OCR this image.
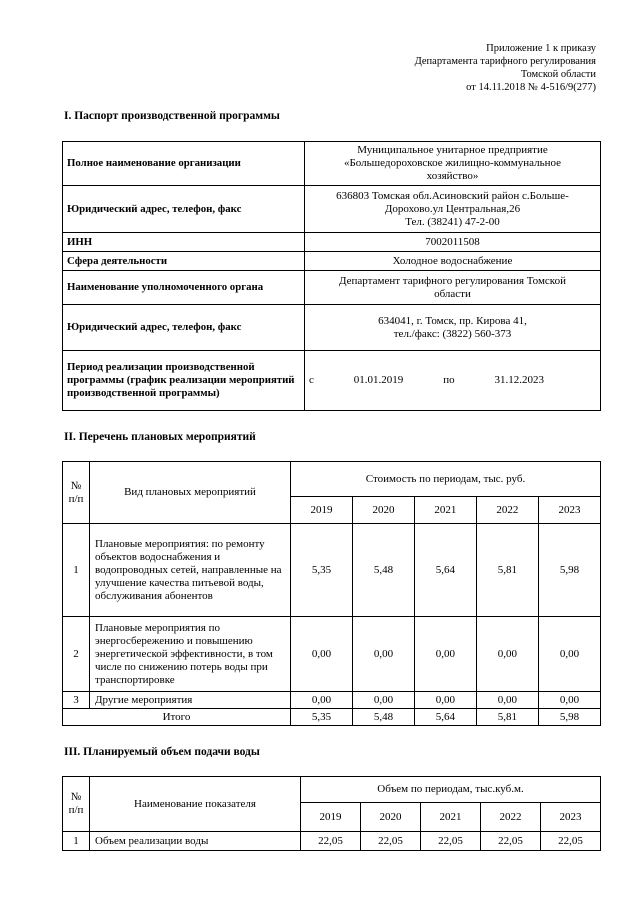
Приложение 1 к приказу
Департамента тарифного регулирования
Томской области
от 14.11.2018 № 4-516/9(277)
I. Паспорт производственной программы
Полное наименование организации	Муниципальное унитарное предприятие
«Большедороховское жилищно-коммунальное
хозяйство»

Юридический адрес, телефон, факс	636803 Томская обл.Асиновский район с.Больше-
Дорохово.ул Центральная,26
Тел. (38241) 47-2-00

ИНН	7002011508

Сфера деятельности	Холодное водоснабжение

Наименование уполномоченного органа	Департамент тарифного регулирования Томской
области

Юридический адрес, телефон, факс	634041, г. Томск, пр. Кирова 41,
тел./факс: (3822) 560-373

Период реализации производственной программы (график реализации мероприятий производственной программы)	с 01.01.2019 по 31.12.2023
II. Перечень плановых мероприятий
№ п/п	Вид плановых мероприятий	Стоимость по периодам, тыс. руб.				
		2019	2020	2021	2022	2023
1	Плановые мероприятия: по ремонту объектов водоснабжения и водопроводных сетей, направленные на улучшение качества питьевой воды, обслуживания абонентов	5,35	5,48	5,64	5,81	5,98
2	Плановые мероприятия по энергосбережению и повышению энергетической эффективности, в том числе по снижению потерь воды при транспортировке	0,00	0,00	0,00	0,00	0,00
3	Другие мероприятия	0,00	0,00	0,00	0,00	0,00
Итого		5,35	5,48	5,64	5,81	5,98
III. Планируемый объем подачи воды
№ п/п	Наименование показателя	Объем по периодам, тыс.куб.м.				
		2019	2020	2021	2022	2023
1	Объем реализации воды	22,05	22,05	22,05	22,05	22,05
